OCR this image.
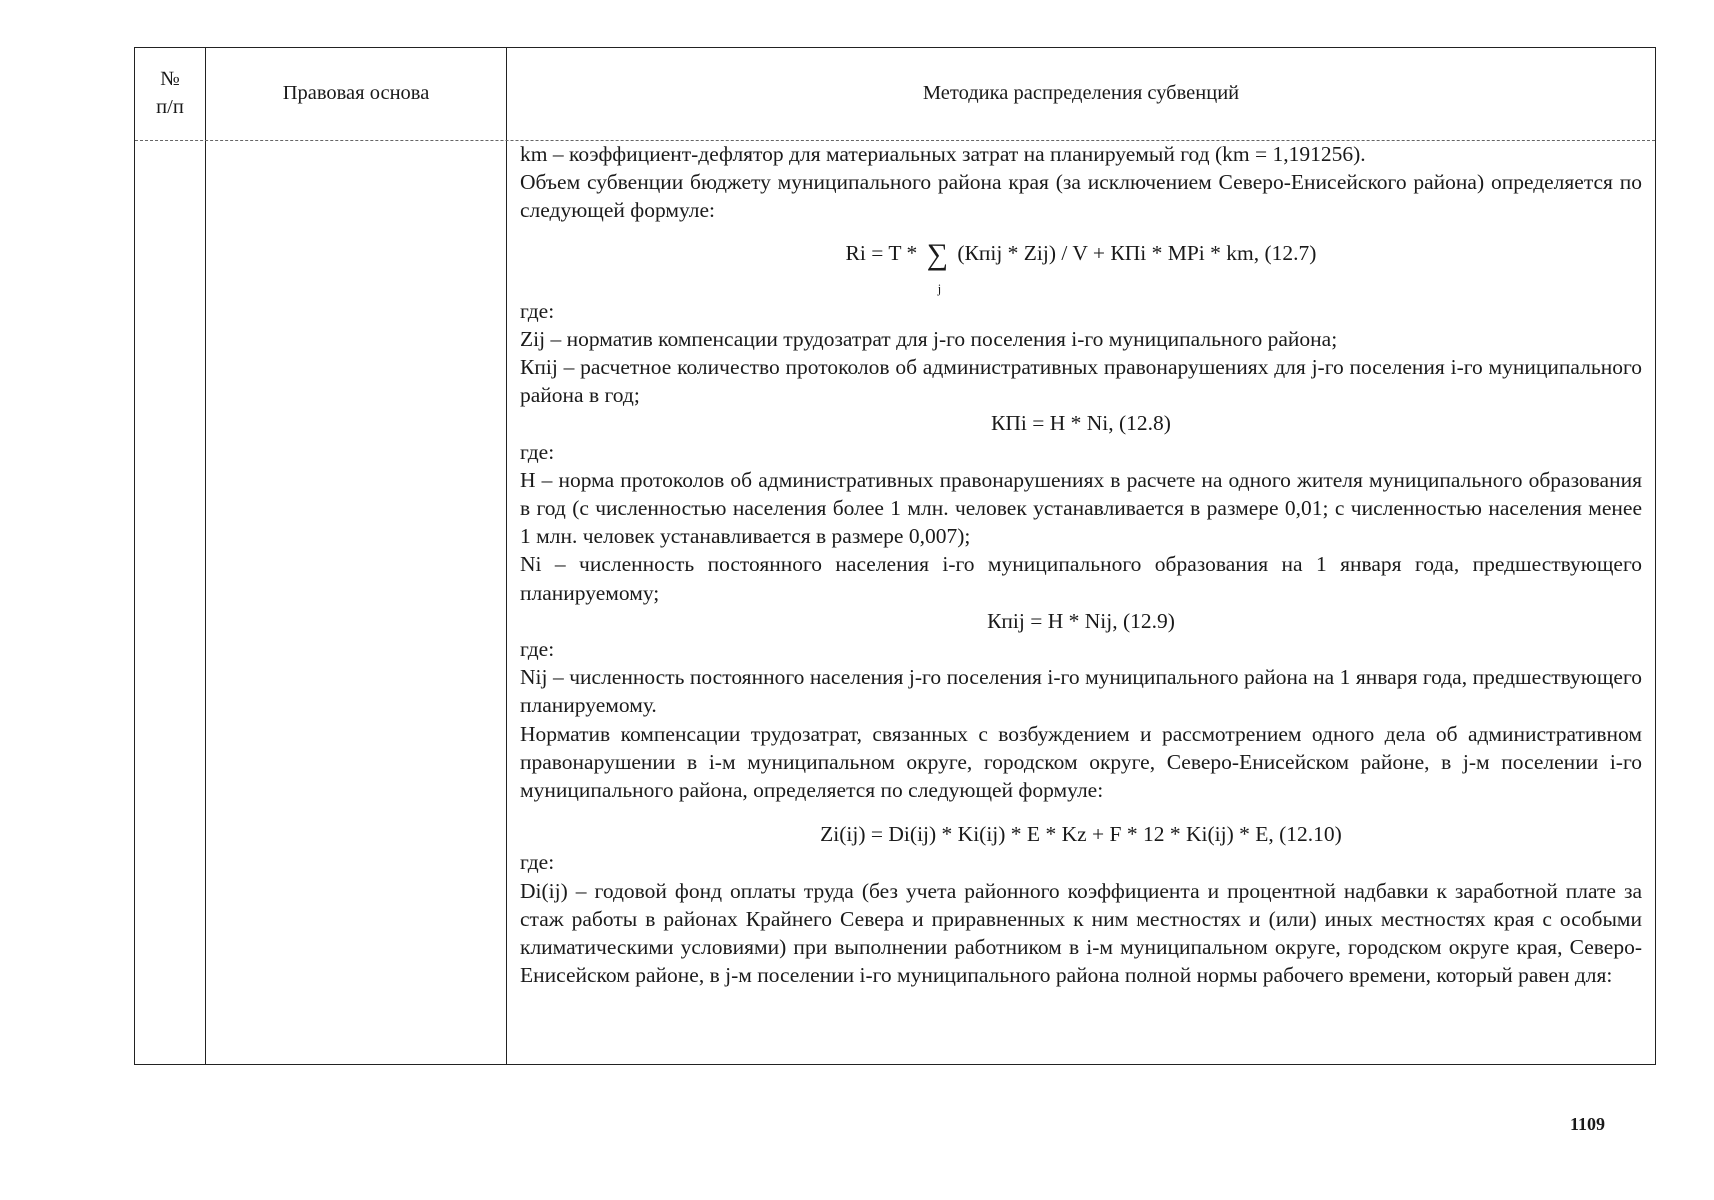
№
п/п
Правовая основа	Методика распределения субвенций

km – коэффициент-дефлятор для материальных затрат на планируемый год (km = 1,191256).

Объем субвенции бюджету муниципального района края (за исключением Северо-Енисейского района) определяется по следующей формуле:

Ri = T * ∑
j
(Кпij * Zij) / V + КПi * MPi * km, (12.7)

где:

Zij – норматив компенсации трудозатрат для j-го поселения i-го муниципального района;

Кпij – расчетное количество протоколов об административных правонарушениях для j-го поселения i-го муниципального района в год;

КПi = H * Ni, (12.8)

где:

H – норма протоколов об административных правонарушениях в расчете на одного жителя муниципального образования в год (с численностью населения более 1 млн. человек устанавливается в размере 0,01; с численностью населения менее 1 млн. человек устанавливается в размере 0,007);

Ni – численность постоянного населения i-го муниципального образования на 1 января года, предшествующего планируемому;

Кпij = H * Nij, (12.9)

где:

Nij – численность постоянного населения j-го поселения i-го муниципального района на 1 января года, предшествующего планируемому.

Норматив компенсации трудозатрат, связанных с возбуждением и рассмотрением одного дела об административном правонарушении в i-м муниципальном округе, городском округе, Северо-Енисейском районе, в j-м поселении i-го муниципального района, определяется по следующей формуле:

Zi(ij) = Di(ij) * Ki(ij) * E * Kz + F * 12 * Ki(ij) * E, (12.10)

где:

Di(ij) – годовой фонд оплаты труда (без учета районного коэффициента и процентной надбавки к заработной плате за стаж работы в районах Крайнего Севера и приравненных к ним местностях и (или) иных местностях края с особыми климатическими условиями) при выполнении работником в i-м муниципальном округе, городском округе края, Северо-Енисейском районе, в j-м поселении i-го муниципального района полной нормы рабочего времени, который равен для:

1109
